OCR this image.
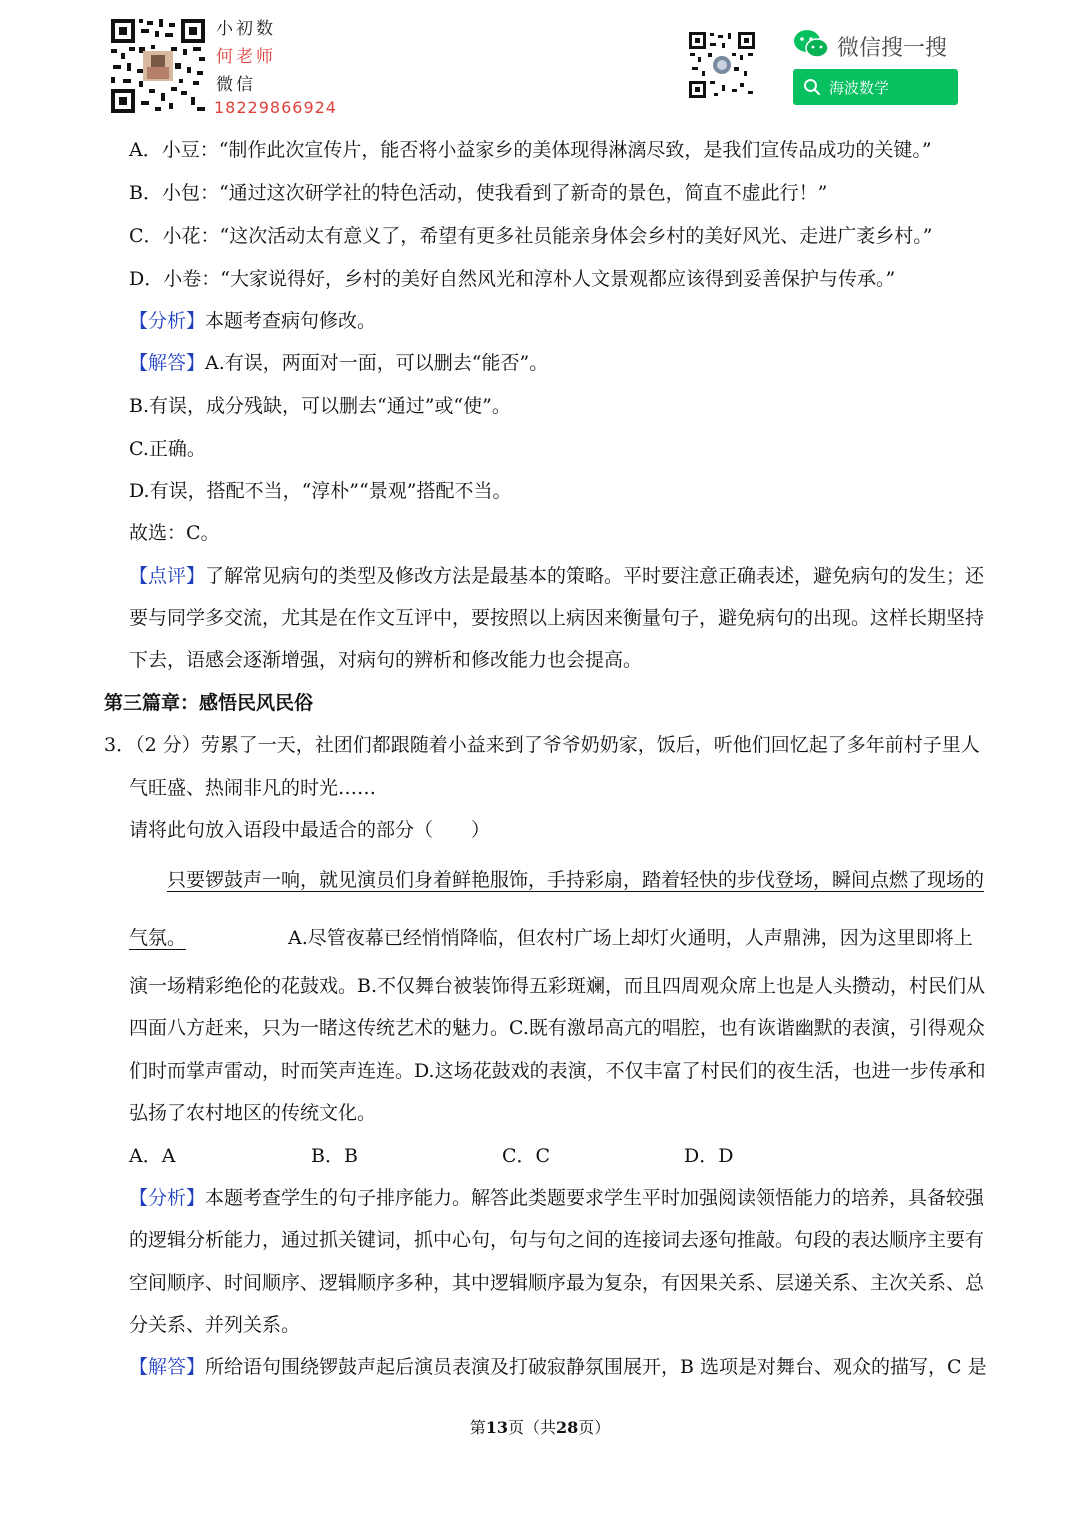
小初数
何老师
微信
18229866924
微信搜一搜
海波数学
A．小豆：“制作此次宣传片，能否将小益家乡的美体现得淋漓尽致，是我们宣传品成功的关键。”
B．小包：“通过这次研学社的特色活动，使我看到了新奇的景色，简直不虚此行！”
C．小花：“这次活动太有意义了，希望有更多社员能亲身体会乡村的美好风光、走进广袤乡村。”
D．小卷：“大家说得好，乡村的美好自然风光和淳朴人文景观都应该得到妥善保护与传承。”
【分析】本题考查病句修改。
【解答】A.有误，两面对一面，可以删去“能否”。
B.有误，成分残缺，可以删去“通过”或“使”。
C.正确。
D.有误，搭配不当，“淳朴”“景观”搭配不当。
故选：C。
【点评】了解常见病句的类型及修改方法是最基本的策略。平时要注意正确表述，避免病句的发生；还
要与同学多交流，尤其是在作文互评中，要按照以上病因来衡量句子，避免病句的出现。这样长期坚持
下去，语感会逐渐增强，对病句的辨析和修改能力也会提高。
第三篇章：感悟民风民俗
3．（2 分）劳累了一天，社团们都跟随着小益来到了爷爷奶奶家，饭后，听他们回忆起了多年前村子里人
气旺盛、热闹非凡的时光……
请将此句放入语段中最适合的部分（　　）
只要锣鼓声一响，就见演员们身着鲜艳服饰，手持彩扇，踏着轻快的步伐登场，瞬间点燃了现场的
气氛。	A.尽管夜幕已经悄悄降临，但农村广场上却灯火通明，人声鼎沸，因为这里即将上
演一场精彩绝伦的花鼓戏。B.不仅舞台被装饰得五彩斑斓，而且四周观众席上也是人头攒动，村民们从
四面八方赶来，只为一睹这传统艺术的魅力。C.既有激昂高亢的唱腔，也有诙谐幽默的表演，引得观众
们时而掌声雷动，时而笑声连连。D.这场花鼓戏的表演，不仅丰富了村民们的夜生活，也进一步传承和
弘扬了农村地区的传统文化。
A．A	B．B	C．C	D．D
【分析】本题考查学生的句子排序能力。解答此类题要求学生平时加强阅读领悟能力的培养，具备较强
的逻辑分析能力，通过抓关键词，抓中心句，句与句之间的连接词去逐句推敲。句段的表达顺序主要有
空间顺序、时间顺序、逻辑顺序多种，其中逻辑顺序最为复杂，有因果关系、层递关系、主次关系、总
分关系、并列关系。
【解答】所给语句围绕锣鼓声起后演员表演及打破寂静氛围展开，B 选项是对舞台、观众的描写，C 是
第13页（共28页）
